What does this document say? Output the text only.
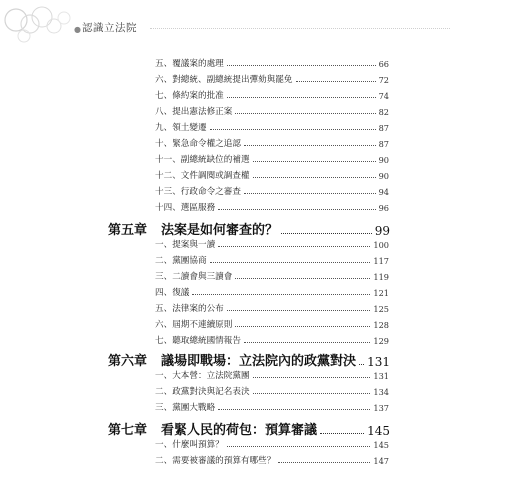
● 認識立法院
五、覆議案的處理	66
六、對總統、副總統提出彈劾與罷免	72
七、條約案的批准	74
八、提出憲法修正案	82
九、領土變遷	87
十、緊急命令權之追認	87
十一、副總統缺位的補選	90
十二、文件調閱或調查權	90
十三、行政命令之審查	94
十四、選區服務	96
第五章 法案是如何審查的？	99
一、提案與一讀	100
二、黨團協商	117
三、二讀會與三讀會	119
四、復議	121
五、法律案的公布	125
六、屆期不連續原則	128
七、聽取總統國情報告	129
第六章 議場即戰場：立法院內的政黨對決 131
一、大本營：立法院黨團	131
二、政黨對決與記名表決	134
三、黨團大戰略	137
第七章 看緊人民的荷包：預算審議	145
一、什麼叫預算？	145
二、需要被審議的預算有哪些？	147
